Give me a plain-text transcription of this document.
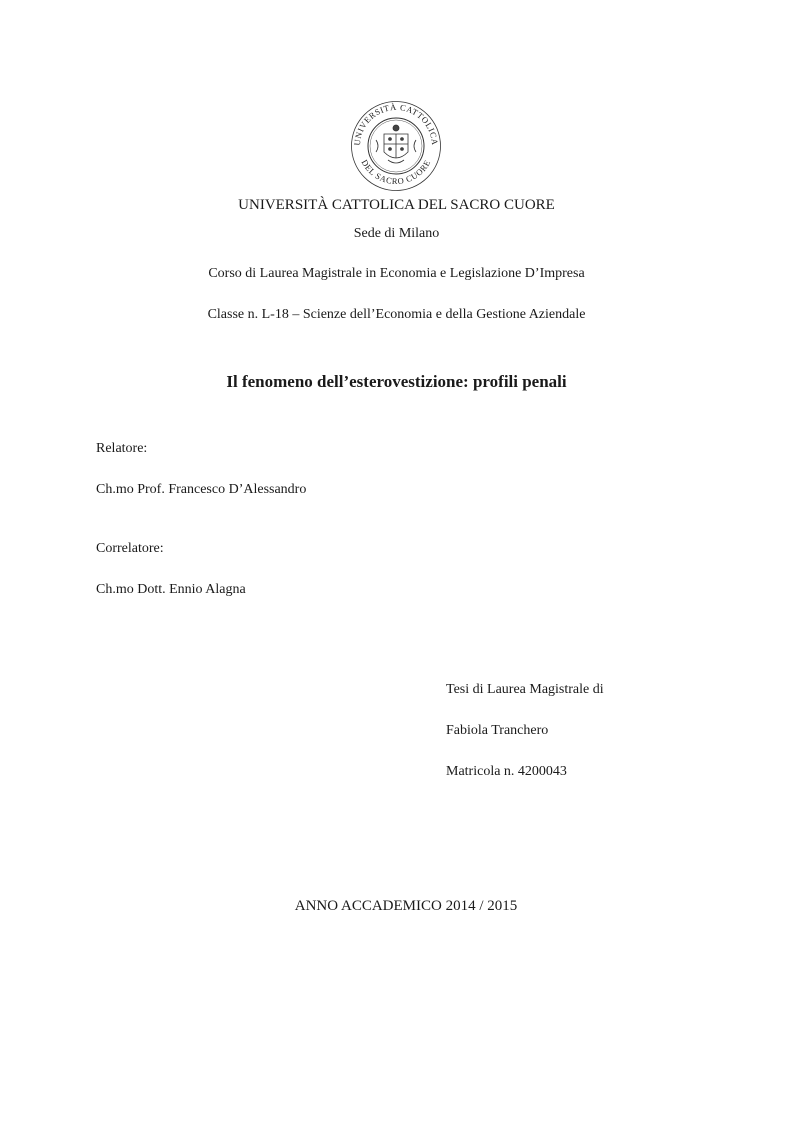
UNIVERSITÀ CATTOLICA
DEL SACRO CUORE
UNIVERSITÀ CATTOLICA DEL SACRO CUORE
Sede di Milano
Corso di Laurea Magistrale in Economia e Legislazione D’Impresa
Classe n. L-18 – Scienze dell’Economia e della Gestione Aziendale
Il fenomeno dell’esterovestizione: profili penali
Relatore:
Ch.mo Prof. Francesco D’Alessandro
Correlatore:
Ch.mo Dott. Ennio Alagna
Tesi di Laurea Magistrale di
Fabiola Tranchero
Matricola n. 4200043
ANNO ACCADEMICO 2014 / 2015
